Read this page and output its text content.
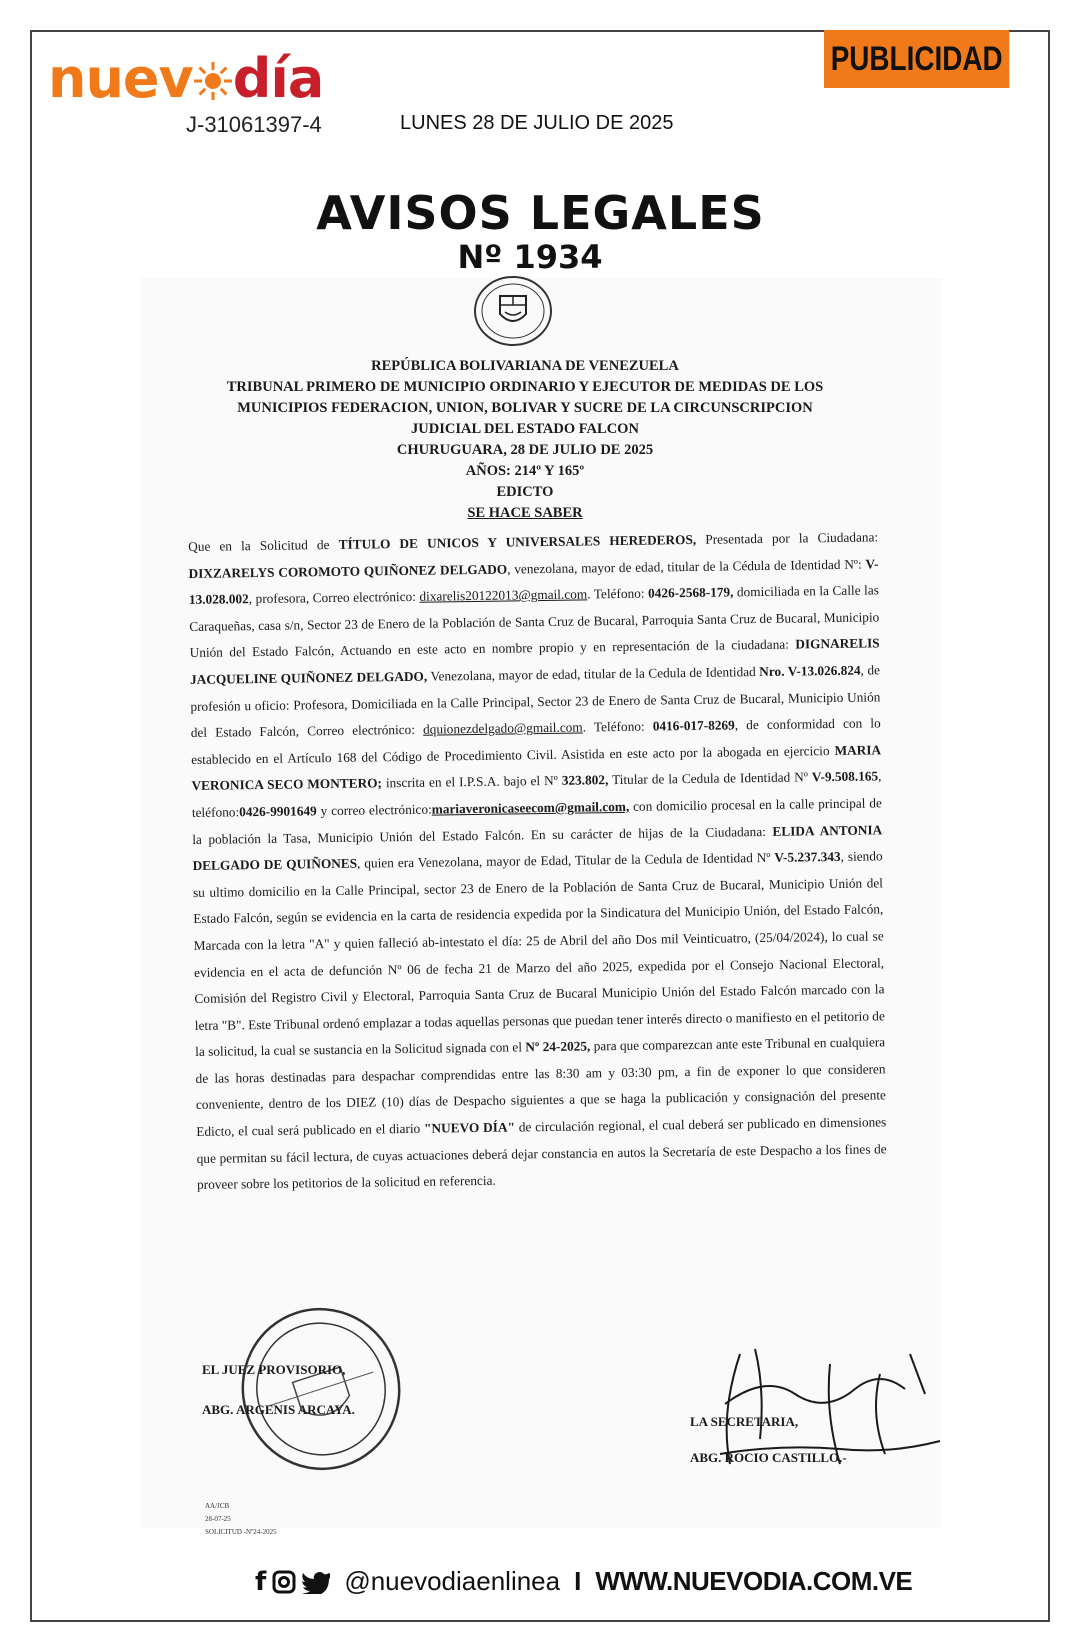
nuev día
J-31061397-4	LUNES 28 DE JULIO DE 2025
PUBLICIDAD
AVISOS LEGALES
Nº 1934
REPÚBLICA BOLIVARIANA DE VENEZUELA
TRIBUNAL PRIMERO DE MUNICIPIO ORDINARIO Y EJECUTOR DE MEDIDAS DE LOS
MUNICIPIOS FEDERACION, UNION, BOLIVAR Y SUCRE DE LA CIRCUNSCRIPCION
JUDICIAL DEL ESTADO FALCON
CHURUGUARA, 28 DE JULIO DE 2025
AÑOS: 214º Y 165º
EDICTO
SE HACE SABER
Que en la Solicitud de TÍTULO DE UNICOS Y UNIVERSALES HEREDEROS, Presentada por la Ciudadana: DIXZARELYS COROMOTO QUIÑONEZ DELGADO, venezolana, mayor de edad, titular de la Cédula de Identidad Nº: V-13.028.002, profesora, Correo electrónico: dixarelis20122013@gmail.com. Teléfono: 0426-2568-179, domiciliada en la Calle las Caraqueñas, casa s/n, Sector 23 de Enero de la Población de Santa Cruz de Bucaral, Parroquia Santa Cruz de Bucaral, Municipio Unión del Estado Falcón, Actuando en este acto en nombre propio y en representación de la ciudadana: DIGNARELIS JACQUELINE QUIÑONEZ DELGADO, Venezolana, mayor de edad, titular de la Cedula de Identidad Nro. V-13.026.824, de profesión u oficio: Profesora, Domiciliada en la Calle Principal, Sector 23 de Enero de Santa Cruz de Bucaral, Municipio Unión del Estado Falcón, Correo electrónico: dquionezdelgado@gmail.com. Teléfono: 0416-017-8269, de conformidad con lo establecido en el Artículo 168 del Código de Procedimiento Civil. Asistida en este acto por la abogada en ejercicio MARIA VERONICA SECO MONTERO; inscrita en el I.P.S.A. bajo el Nº 323.802, Titular de la Cedula de Identidad Nº V-9.508.165, teléfono:0426-9901649 y correo electrónico:mariaveronicaseecom@gmail.com, con domicilio procesal en la calle principal de la población la Tasa, Municipio Unión del Estado Falcón. En su carácter de hijas de la Ciudadana: ELIDA ANTONIA DELGADO DE QUIÑONES, quien era Venezolana, mayor de Edad, Titular de la Cedula de Identidad Nº V-5.237.343, siendo su ultimo domicilio en la Calle Principal, sector 23 de Enero de la Población de Santa Cruz de Bucaral, Municipio Unión del Estado Falcón, según se evidencia en la carta de residencia expedida por la Sindicatura del Municipio Unión, del Estado Falcón, Marcada con la letra "A" y quien falleció ab-intestato el día: 25 de Abril del año Dos mil Veinticuatro, (25/04/2024), lo cual se evidencia en el acta de defunción Nº 06 de fecha 21 de Marzo del año 2025, expedida por el Consejo Nacional Electoral, Comisión del Registro Civil y Electoral, Parroquia Santa Cruz de Bucaral Municipio Unión del Estado Falcón marcado con la letra "B". Este Tribunal ordenó emplazar a todas aquellas personas que puedan tener interés directo o manifiesto en el petitorio de la solicitud, la cual se sustancia en la Solicitud signada con el Nº 24-2025, para que comparezcan ante este Tribunal en cualquiera de las horas destinadas para despachar comprendidas entre las 8:30 am y 03:30 pm, a fin de exponer lo que consideren conveniente, dentro de los DIEZ (10) días de Despacho siguientes a que se haga la publicación y consignación del presente Edicto, el cual será publicado en el diario "NUEVO DÍA" de circulación regional, el cual deberá ser publicado en dimensiones que permitan su fácil lectura, de cuyas actuaciones deberá dejar constancia en autos la Secretaría de este Despacho a los fines de proveer sobre los petitorios de la solicitud en referencia.
EL JUEZ PROVISORIO,
ABG. ARGENIS ARCAYA.
LA SECRETARIA,
ABG. ROCIO CASTILLO.-
AA/JCB
28-07-25
SOLICITUD -Nº24-2025
f	@nuevodiaenlinea I WWW.NUEVODIA.COM.VE
